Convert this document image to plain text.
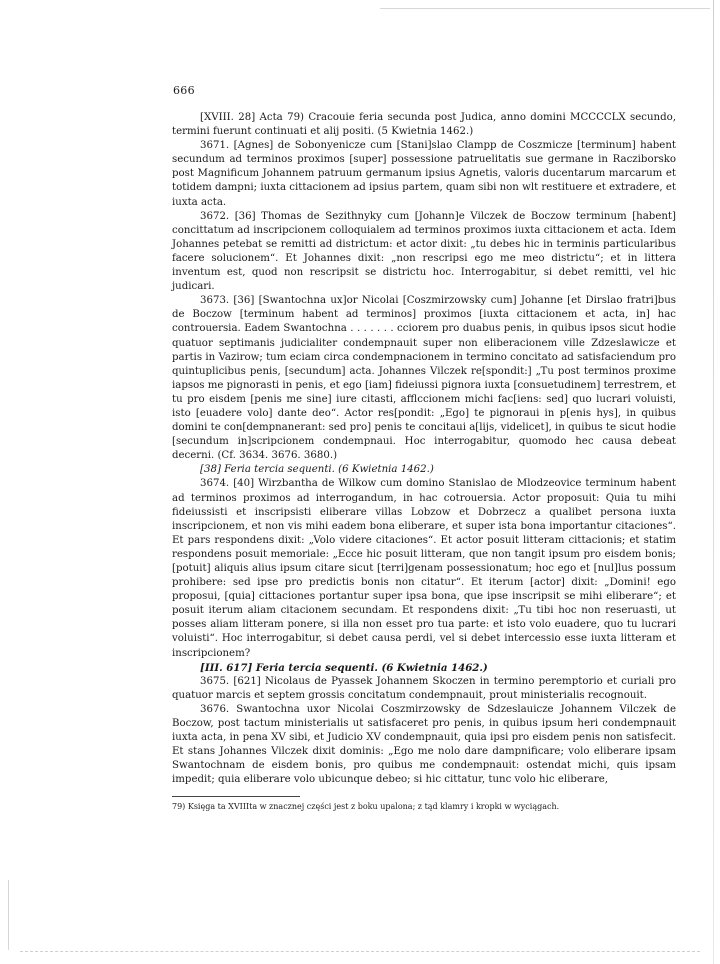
666

[XVIII. 28] Acta 79) Cracouie feria secunda post Judica, anno domini MCCCCLX secundo, termini fuerunt continuati et alij positi. (5 Kwietnia 1462.)

3671. [Agnes] de Sobonyenicze cum [Stani]slao Clampp de Coszmicze [terminum] habent secundum ad terminos proximos [super] possessione patruelitatis sue germane in Racziborsko post Magnificum Johannem patruum germanum ipsius Agnetis, valoris ducentarum marcarum et totidem dampni; iuxta cittacionem ad ipsius partem, quam sibi non wlt restituere et extradere, et iuxta acta.

3672. [36] Thomas de Sezithnyky cum [Johann]e Vilczek de Boczow terminum [habent] concittatum ad inscripcionem colloquialem ad terminos proximos iuxta cittacionem et acta. Idem Johannes petebat se remitti ad districtum: et actor dixit: „tu debes hic in terminis particularibus facere solucionem“. Et Johannes dixit: „non rescripsi ego me meo districtu“; et in littera inventum est, quod non rescripsit se districtu hoc. Interrogabitur, si debet remitti, vel hic judicari.

3673. [36] [Swantochna ux]or Nicolai [Coszmirzowsky cum] Johanne [et Dirslao fratri]bus de Boczow [terminum habent ad terminos] proximos [iuxta cittacionem et acta, in] hac controuersia. Eadem Swantochna . . . . . . . cciorem pro duabus penis, in quibus ipsos sicut hodie quatuor septimanis judicialiter condempnauit super non eliberacionem ville Zdzeslawicze et partis in Vazirow; tum eciam circa condempnacionem in termino concitato ad satisfaciendum pro quintuplicibus penis, [secundum] acta. Johannes Vilczek re[spondit:] „Tu post terminos proxime iapsos me pignorasti in penis, et ego [iam] fideiussi pignora iuxta [consuetudinem] terrestrem, et tu pro eisdem [penis me sine] iure citasti, afflccionem michi fac[iens: sed] quo lucrari voluisti, isto [euadere volo] dante deo“. Actor res[pondit: „Ego] te pignoraui in p[enis hys], in quibus domini te con[dempnanerant: sed pro] penis te concitaui a[lijs, videlicet], in quibus te sicut hodie [secundum in]scripcionem condempnaui. Hoc interrogabitur, quomodo hec causa debeat decerni. (Cf. 3634. 3676. 3680.)

[38] Feria tercia sequenti. (6 Kwietnia 1462.)

3674. [40] Wirzbantha de Wilkow cum domino Stanislao de Mlodzeovice terminum habent ad terminos proximos ad interrogandum, in hac cotrouersia. Actor proposuit: Quia tu mihi fideiussisti et inscripsisti eliberare villas Lobzow et Dobrzecz a qualibet persona iuxta inscripcionem, et non vis mihi eadem bona eliberare, et super ista bona importantur citaciones“. Et pars respondens dixit: „Volo videre citaciones“. Et actor posuit litteram cittacionis; et statim respondens posuit memoriale: „Ecce hic posuit litteram, que non tangit ipsum pro eisdem bonis; [potuit] aliquis alius ipsum citare sicut [terri]genam possessionatum; hoc ego et [nul]lus possum prohibere: sed ipse pro predictis bonis non citatur“. Et iterum [actor] dixit: „Domini! ego proposui, [quia] cittaciones portantur super ipsa bona, que ipse inscripsit se mihi eliberare“; et posuit iterum aliam citacionem secundam. Et respondens dixit: „Tu tibi hoc non reseruasti, ut posses aliam litteram ponere, si illa non esset pro tua parte: et isto volo euadere, quo tu lucrari voluisti“. Hoc interrogabitur, si debet causa perdi, vel si debet intercessio esse iuxta litteram et inscripcionem?

[III. 617] Feria tercia sequenti. (6 Kwietnia 1462.)

3675. [621] Nicolaus de Pyassek Johannem Skoczen in termino peremptorio et curiali pro quatuor marcis et septem grossis concitatum condempnauit, prout ministerialis recognouit.

3676. Swantochna uxor Nicolai Coszmirzowsky de Sdzeslauicze Johannem Vilczek de Boczow, post tactum ministerialis ut satisfaceret pro penis, in quibus ipsum heri condempnauit iuxta acta, in pena XV sibi, et Judicio XV condempnauit, quia ipsi pro eisdem penis non satisfecit. Et stans Johannes Vilczek dixit dominis: „Ego me nolo dare dampnificare; volo eliberare ipsam Swantochnam de eisdem bonis, pro quibus me condempnauit: ostendat michi, quis ipsam impedit; quia eliberare volo ubicunque debeo; si hic cittatur, tunc volo hic eliberare,

79) Księga ta XVIIIta w znacznej części jest z boku upalona; z tąd klamry i kropki w wyciągach.
